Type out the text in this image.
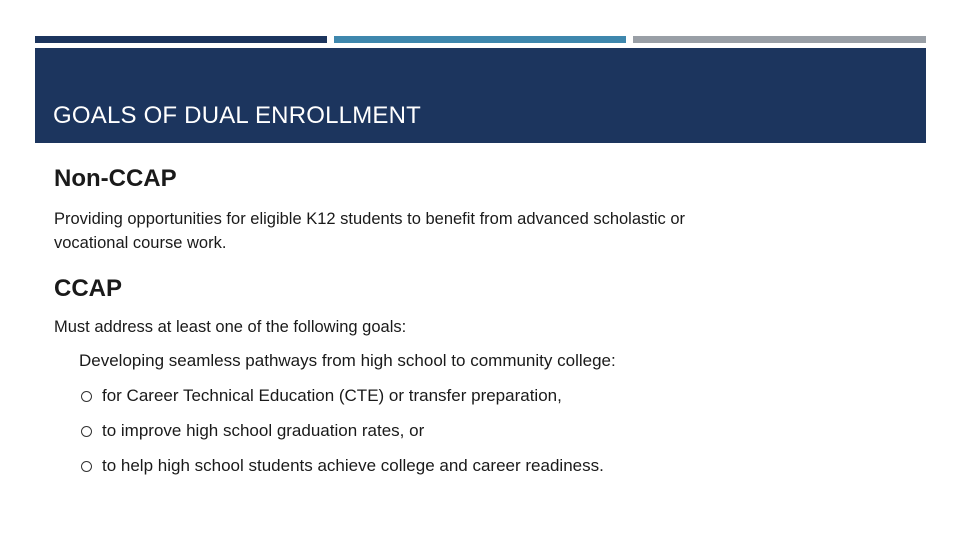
GOALS OF DUAL ENROLLMENT
Non-CCAP

Providing opportunities for eligible K12 students to benefit from advanced scholastic or
vocational course work.

CCAP

Must address at least one of the following goals:

Developing seamless pathways from high school to community college:

for Career Technical Education (CTE) or transfer preparation,
to improve high school graduation rates, or
to help high school students achieve college and career readiness.
